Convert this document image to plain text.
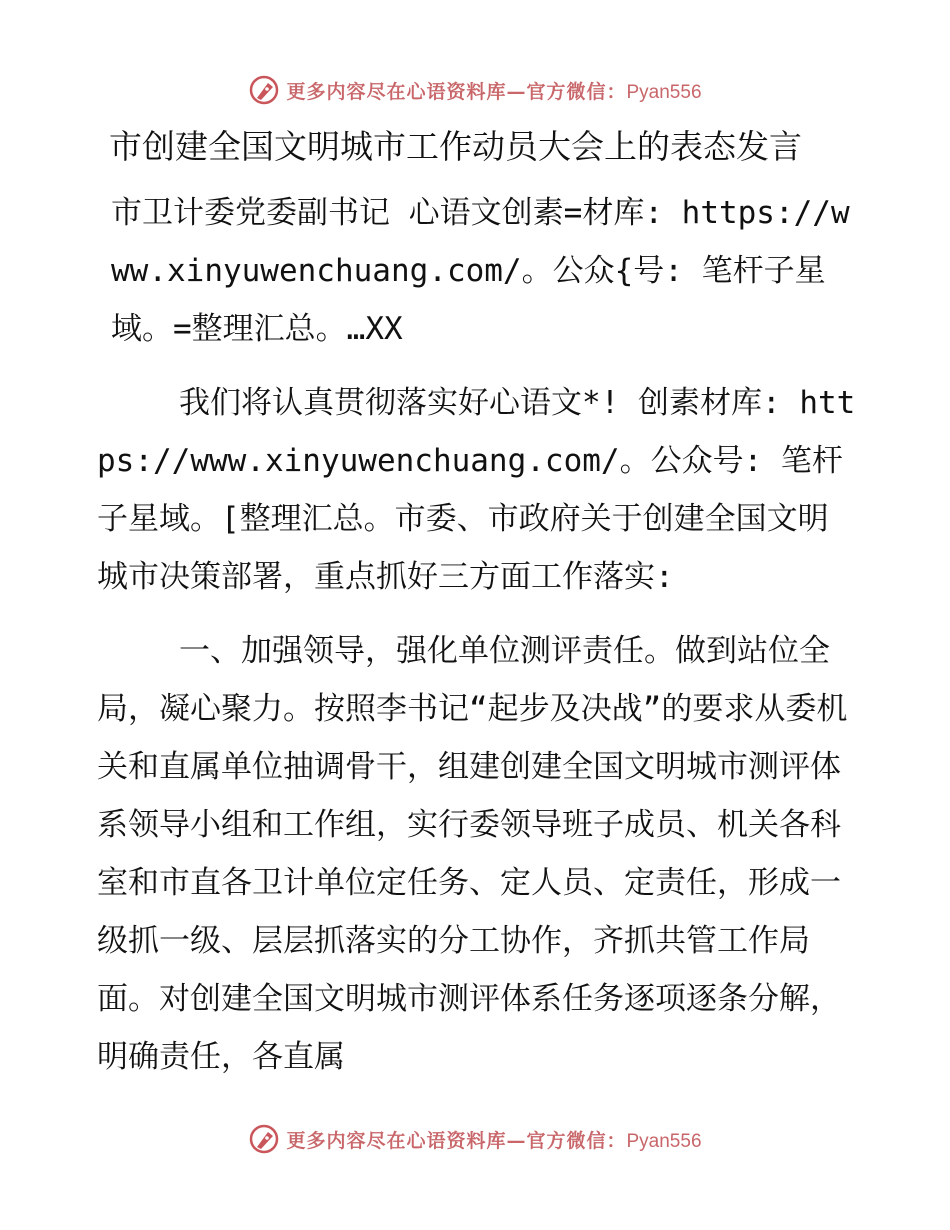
更多内容尽在心语资料库—官方微信：Pyan556
市创建全国文明城市工作动员大会上的表态发言

市卫计委党委副书记 心语文创素=材库: https://www.xinyuwenchuang.com/。公众{号: 笔杆子星域。=整理汇总。…XX

我们将认真贯彻落实好心语文*! 创素材库: https://www.xinyuwenchuang.com/。公众号: 笔杆子星域。[整理汇总。市委、市政府关于创建全国文明城市决策部署，重点抓好三方面工作落实:

一、加强领导，强化单位测评责任。做到站位全局，凝心聚力。按照李书记“起步及决战”的要求从委机关和直属单位抽调骨干，组建创建全国文明城市测评体系领导小组和工作组，实行委领导班子成员、机关各科室和市直各卫计单位定任务、定人员、定责任，形成一级抓一级、层层抓落实的分工协作，齐抓共管工作局面。对创建全国文明城市测评体系任务逐项逐条分解，明确责任，各直属

更多内容尽在心语资料库—官方微信：Pyan556
